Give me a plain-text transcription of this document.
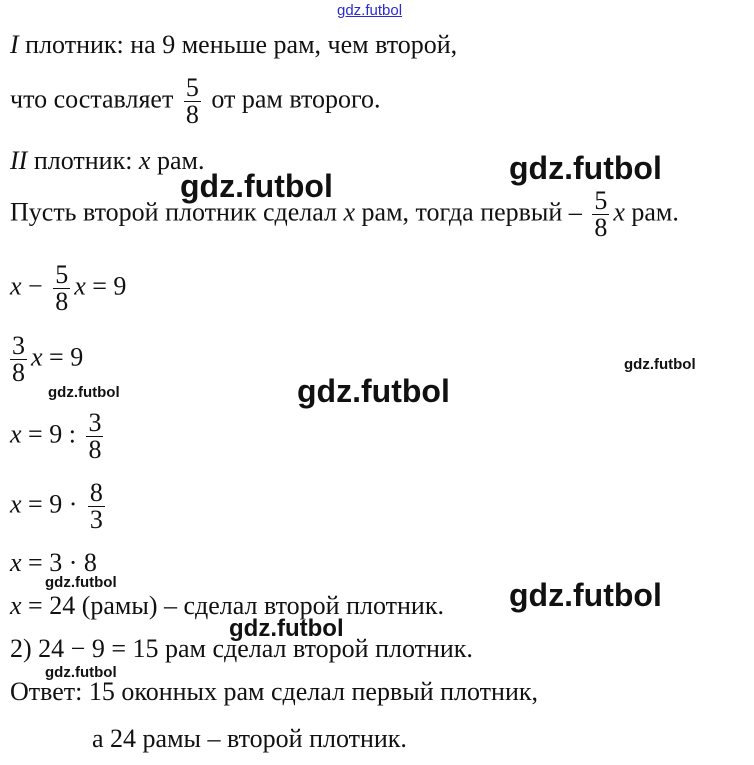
gdz.futbol
gdz.futbol
gdz.futbol
gdz.futbol
gdz.futbol
gdz.futbol
gdz.futbol
gdz.futbol
gdz.futbol
gdz.futbol
I плотник: на 9 меньше рам, чем второй,
что составляет $\frac{5}{8}$ от рам второго.
II плотник: x рам.
Пусть второй плотник сделал x рам, тогда первый – $\frac{5}{8}$ x рам.
$x - \frac{5}{8}$ x = 9
$\frac{3}{8}$ x = 9
x = 9 : $\frac{3}{8}$
$x = 9 \cdot \frac{8}{3}$
x = 3 · 8
x = 24 (рамы) – сделал второй плотник.
2) 24 − 9 = 15 рам сделал второй плотник.
Ответ: 15 оконных рам сделал первый плотник,
а 24 рамы – второй плотник.
